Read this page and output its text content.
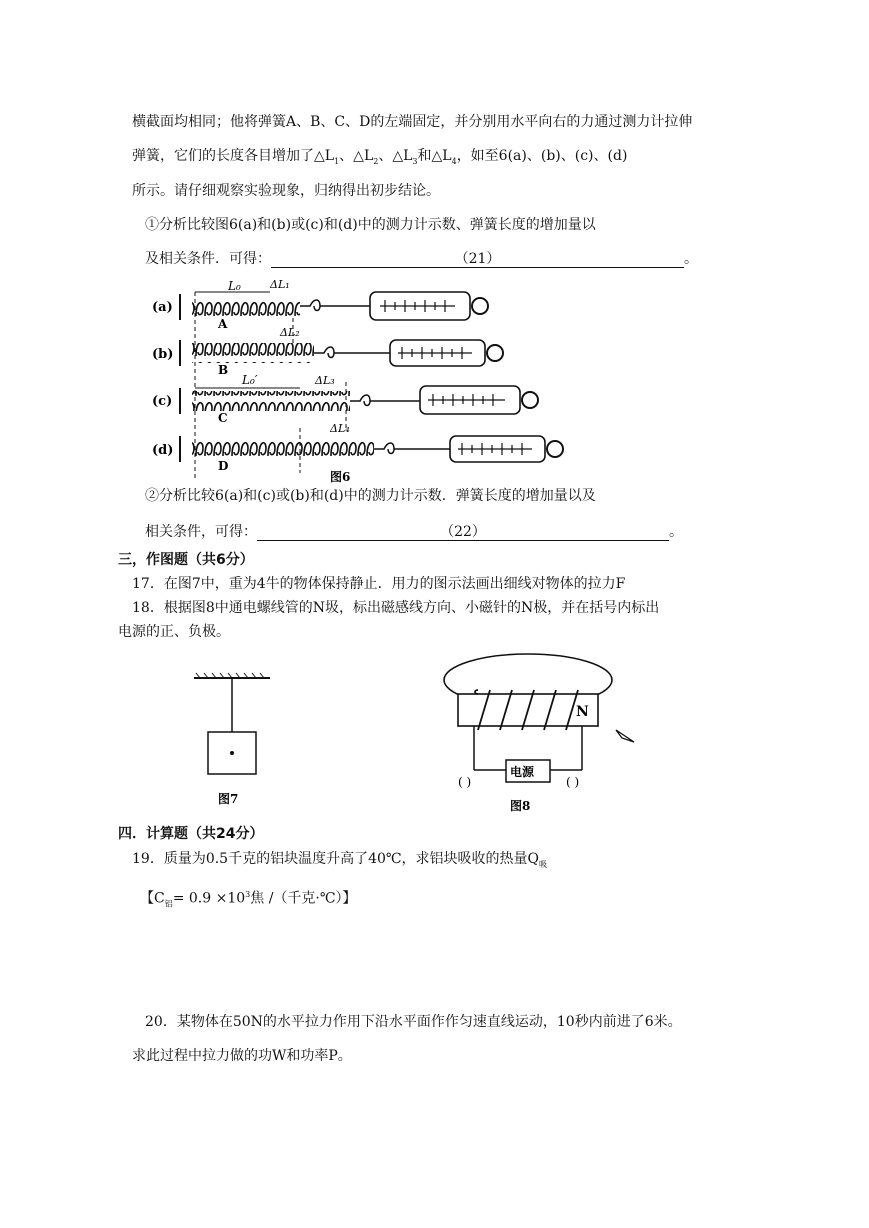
横截面均相同；他将弹簧A、B、C、D的左端固定，并分别用水平向右的力通过测力计拉伸
弹簧，它们的长度各目增加了$\triangle L_1$、$\triangle L_2$、$\triangle L_3$和$\triangle L_4$，如至6(a)、(b)、(c)、(d)
所示。请仔细观察实验现象，归纳得出初步结论。
①分析比较图6(a)和(b)或(c)和(d)中的测力计示数、弹簧长度的增加量以
及相关条件．可得：	（21）	。
(a)
A
L₀	ΔL₁
(b)
B
ΔL₂
(c)
C
L₀′	ΔL₃
(d)
D
ΔL₄
图6
②分析比较6(a)和(c)或(b)和(d)中的测力计示数．弹簧长度的增加量以及
相关条件，可得：	（22）	。
三，作图题（共6分）
17．在图7中，重为4牛的物体保持静止．用力的图示法画出细线对物体的拉力F
18．根据图8中通电螺线管的N圾，标出磁感线方向、小磁针的N极，并在括号内标出
电源的正、负极。
图7
N
电源
( )	( )
图8
四．计算题（共24分）
19．质量为0.5千克的铝块温度升高了40℃，求铝块吸收的热量$Q_吸$
【$C_铝= 0.9 \times 10^3$焦 /（千克·℃）】
20．某物体在50N的水平拉力作用下沿水平面作作匀速直线运动，10秒内前进了6米。
求此过程中拉力做的功W和功率P。
